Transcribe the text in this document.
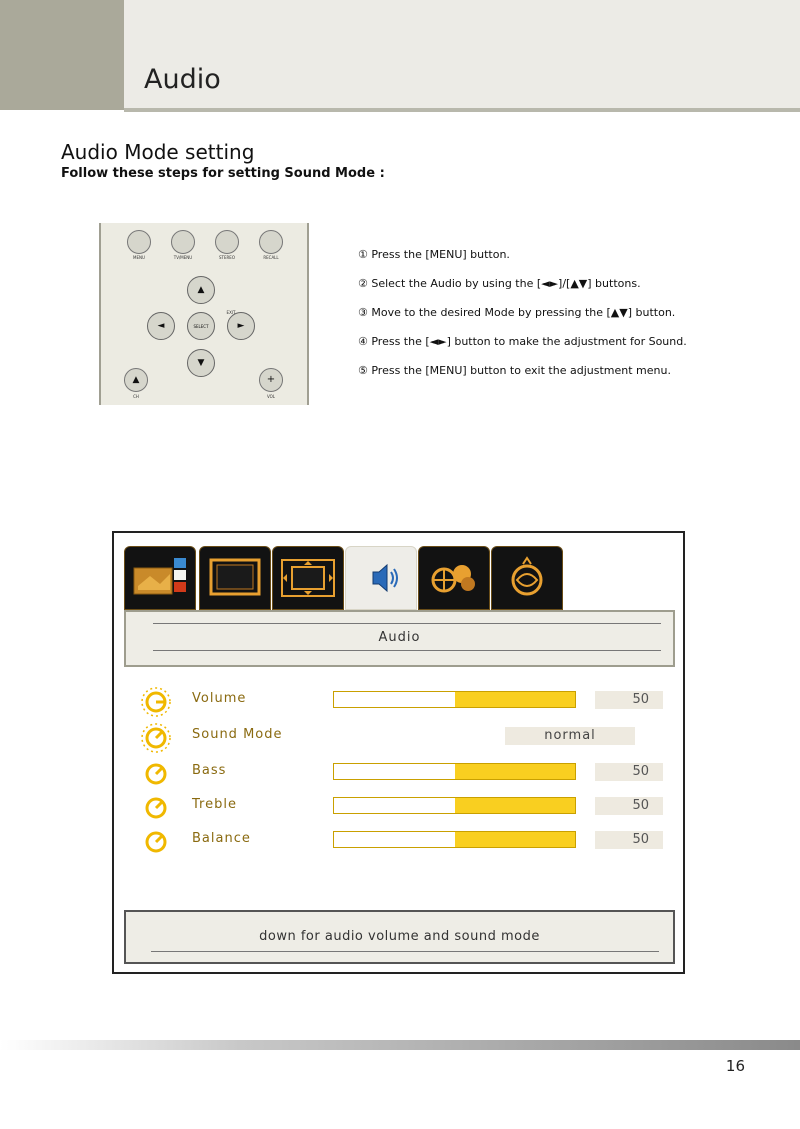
Audio
Audio Mode setting
Follow these steps for setting Sound Mode :
MENU	TV/MENU	STEREO	RECALL
▲
◄	SELECT	►
▼
EXIT
▲	+
CH	VOL
① Press the [MENU] button.
② Select the Audio by using the [◄►]/[▲▼] buttons.
③ Move to the desired Mode by pressing the [▲▼] button.
④ Press the [◄►] button to make the adjustment for Sound.
⑤ Press the [MENU] button to exit the adjustment menu.
Audio
Volume	50
Sound Mode	normal
Bass	50
Treble	50
Balance	50
down for audio volume and sound mode
16
